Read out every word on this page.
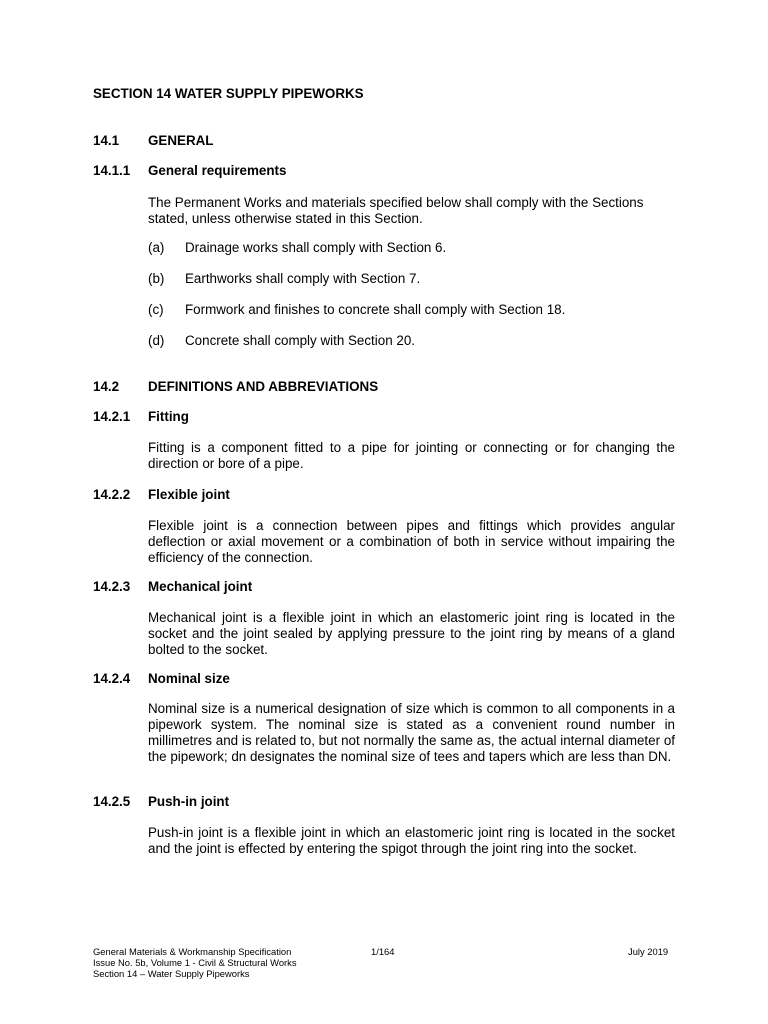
SECTION 14 WATER SUPPLY PIPEWORKS
14.1 GENERAL
14.1.1 General requirements
The Permanent Works and materials specified below shall comply with the Sections stated, unless otherwise stated in this Section.
(a) Drainage works shall comply with Section 6.
(b) Earthworks shall comply with Section 7.
(c) Formwork and finishes to concrete shall comply with Section 18.
(d) Concrete shall comply with Section 20.
14.2 DEFINITIONS AND ABBREVIATIONS
14.2.1 Fitting
Fitting is a component fitted to a pipe for jointing or connecting or for changing the direction or bore of a pipe.
14.2.2 Flexible joint
Flexible joint is a connection between pipes and fittings which provides angular deflection or axial movement or a combination of both in service without impairing the efficiency of the connection.
14.2.3 Mechanical joint
Mechanical joint is a flexible joint in which an elastomeric joint ring is located in the socket and the joint sealed by applying pressure to the joint ring by means of a gland bolted to the socket.
14.2.4 Nominal size
Nominal size is a numerical designation of size which is common to all components in a pipework system. The nominal size is stated as a convenient round number in millimetres and is related to, but not normally the same as, the actual internal diameter of the pipework; dn designates the nominal size of tees and tapers which are less than DN.
14.2.5 Push-in joint
Push-in joint is a flexible joint in which an elastomeric joint ring is located in the socket and the joint is effected by entering the spigot through the joint ring into the socket.
General Materials & Workmanship Specification
Issue No. 5b, Volume 1 - Civil & Structural Works
Section 14 – Water Supply Pipeworks
1/164	July 2019
